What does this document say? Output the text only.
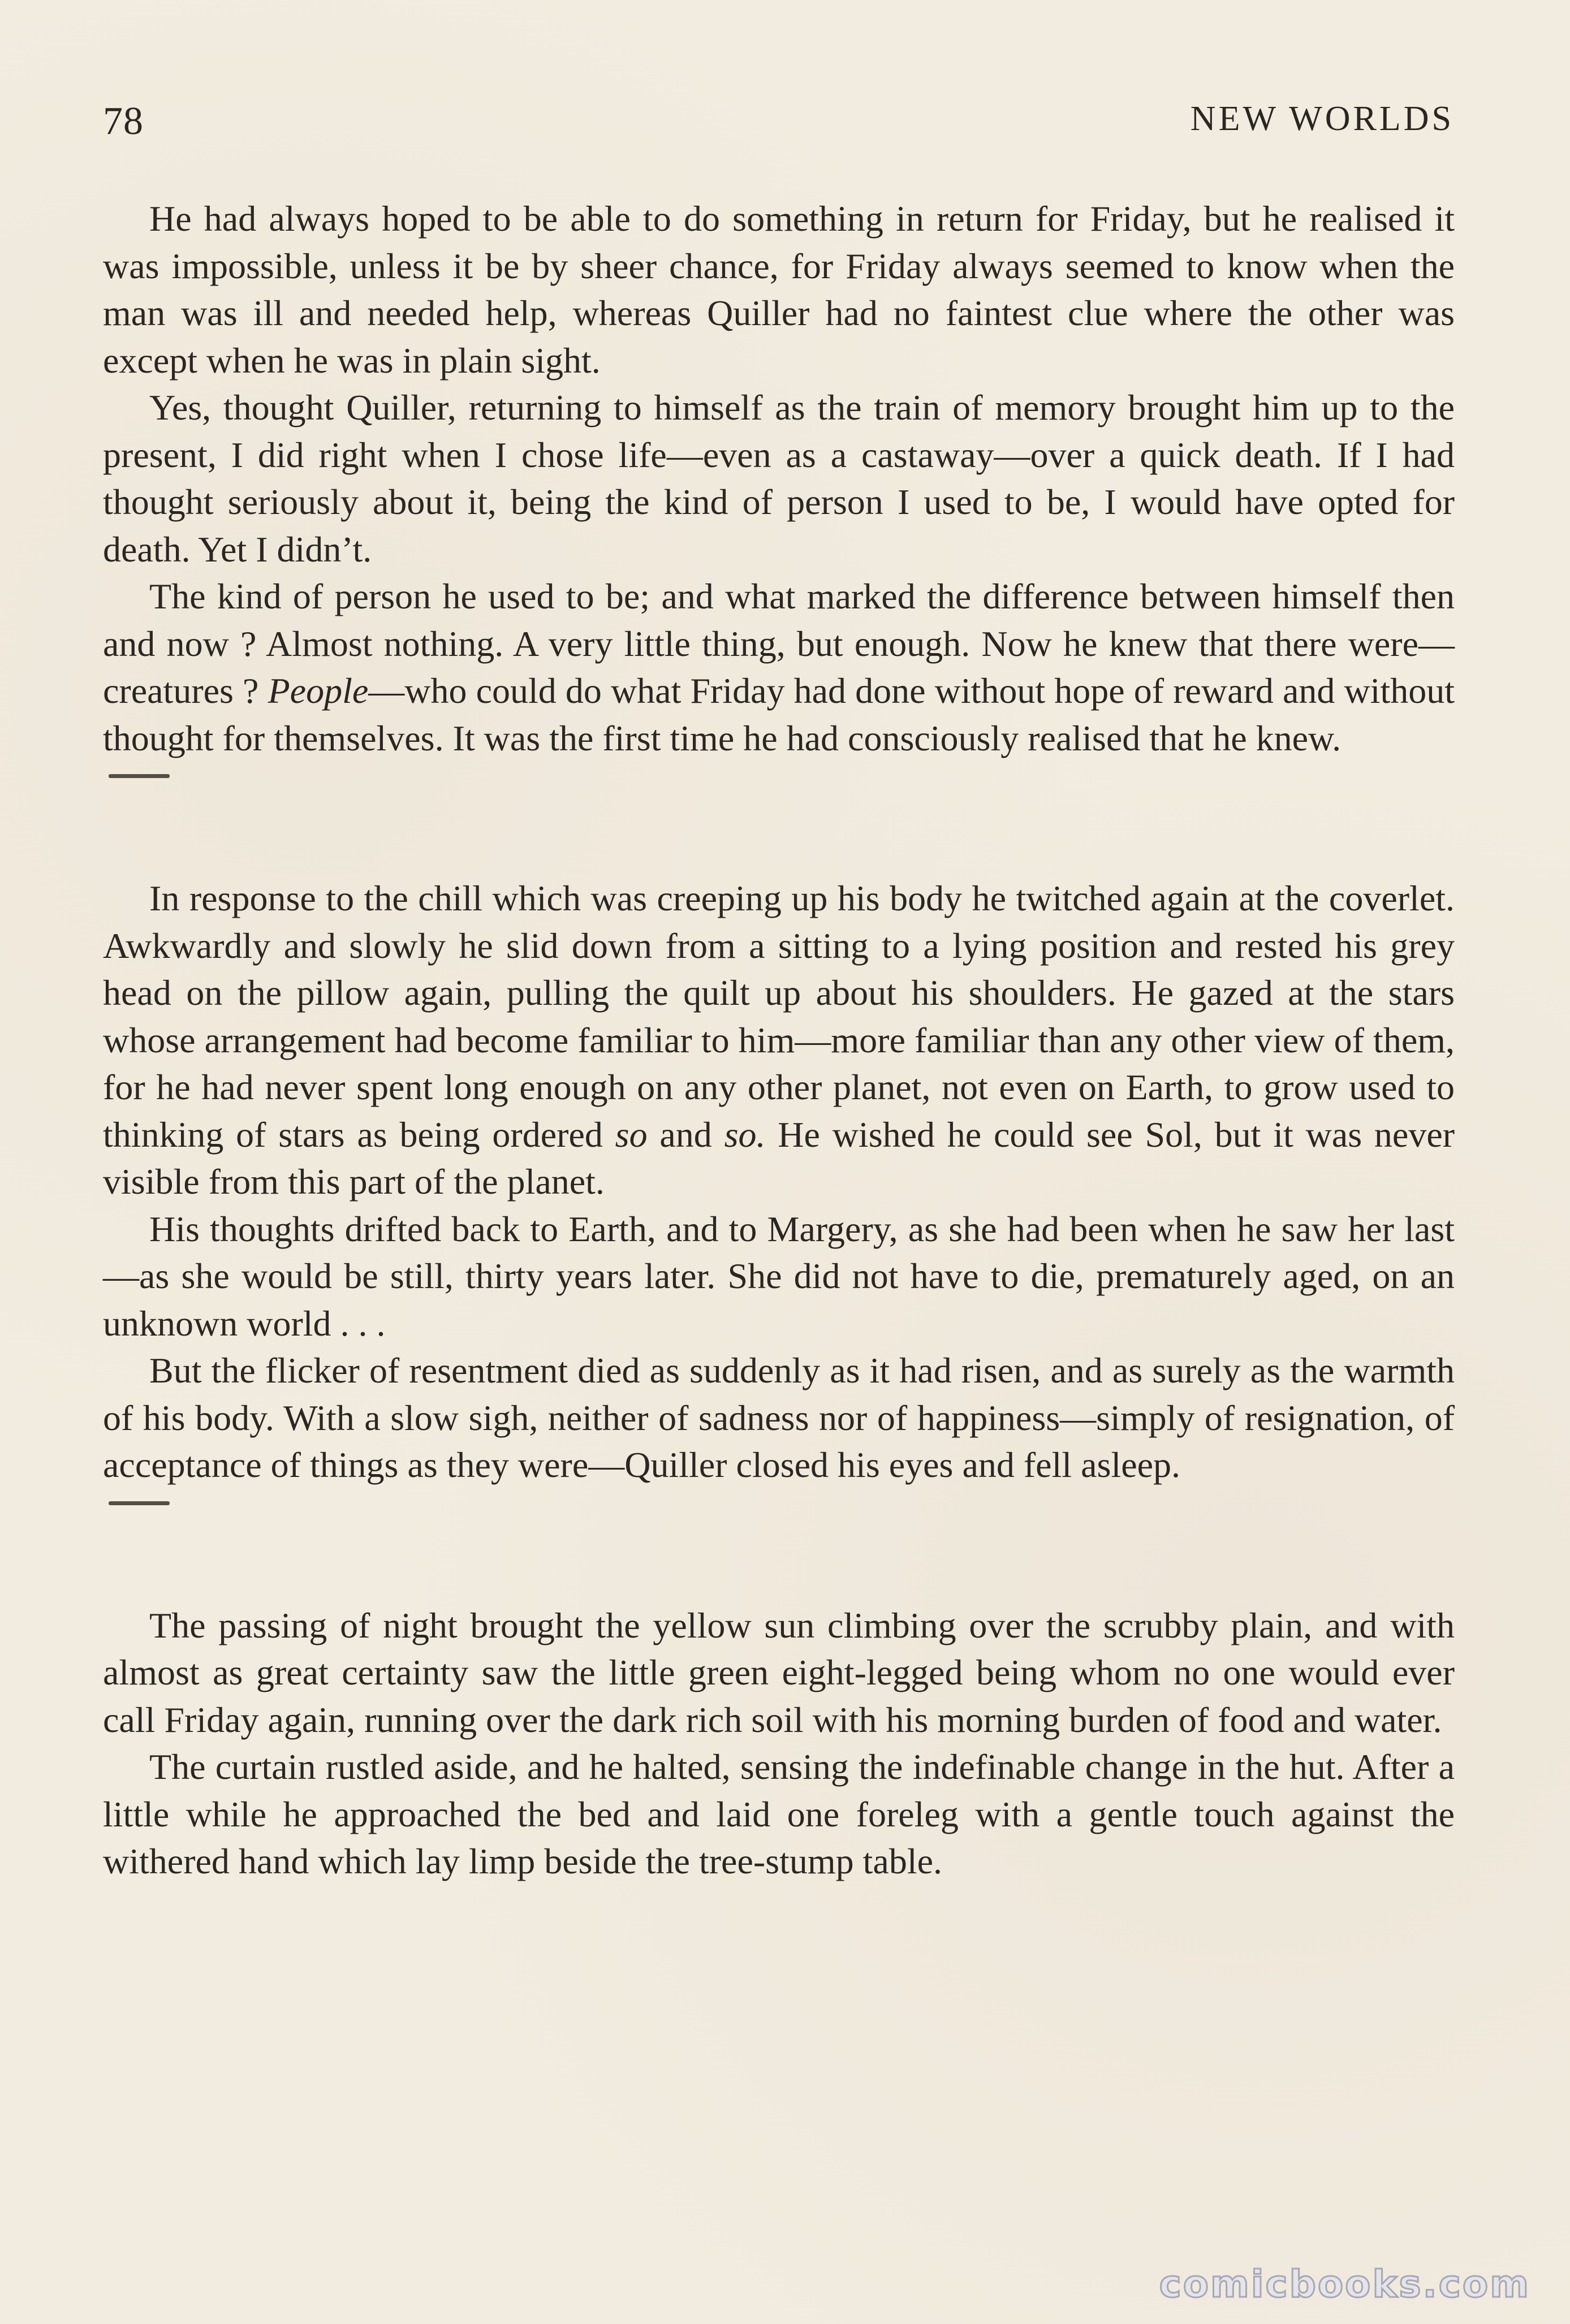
78	NEW WORLDS

He had always hoped to be able to do something in return for Friday, but he realised it was impossible, unless it be by sheer chance, for Friday always seemed to know when the man was ill and needed help, whereas Quiller had no faintest clue where the other was except when he was in plain sight.

Yes, thought Quiller, returning to himself as the train of memory brought him up to the present, I did right when I chose life—even as a castaway—over a quick death. If I had thought seriously about it, being the kind of person I used to be, I would have opted for death. Yet I didn’t.

The kind of person he used to be; and what marked the difference between himself then and now ? Almost nothing. A very little thing, but enough. Now he knew that there were—creatures ? People—who could do what Friday had done without hope of reward and without thought for themselves. It was the first time he had consciously realised that he knew.

In response to the chill which was creeping up his body he twitched again at the coverlet. Awkwardly and slowly he slid down from a sitting to a lying position and rested his grey head on the pillow again, pulling the quilt up about his shoulders. He gazed at the stars whose arrangement had become familiar to him—more familiar than any other view of them, for he had never spent long enough on any other planet, not even on Earth, to grow used to thinking of stars as being ordered so and so. He wished he could see Sol, but it was never visible from this part of the planet.

His thoughts drifted back to Earth, and to Margery, as she had been when he saw her last—as she would be still, thirty years later. She did not have to die, prematurely aged, on an unknown world . . .

But the flicker of resentment died as suddenly as it had risen, and as surely as the warmth of his body. With a slow sigh, neither of sadness nor of happiness—simply of resignation, of acceptance of things as they were—Quiller closed his eyes and fell asleep.

The passing of night brought the yellow sun climbing over the scrubby plain, and with almost as great certainty saw the little green eight-legged being whom no one would ever call Friday again, running over the dark rich soil with his morning burden of food and water.

The curtain rustled aside, and he halted, sensing the indefinable change in the hut. After a little while he approached the bed and laid one foreleg with a gentle touch against the withered hand which lay limp beside the tree-stump table.

comicbooks.com
